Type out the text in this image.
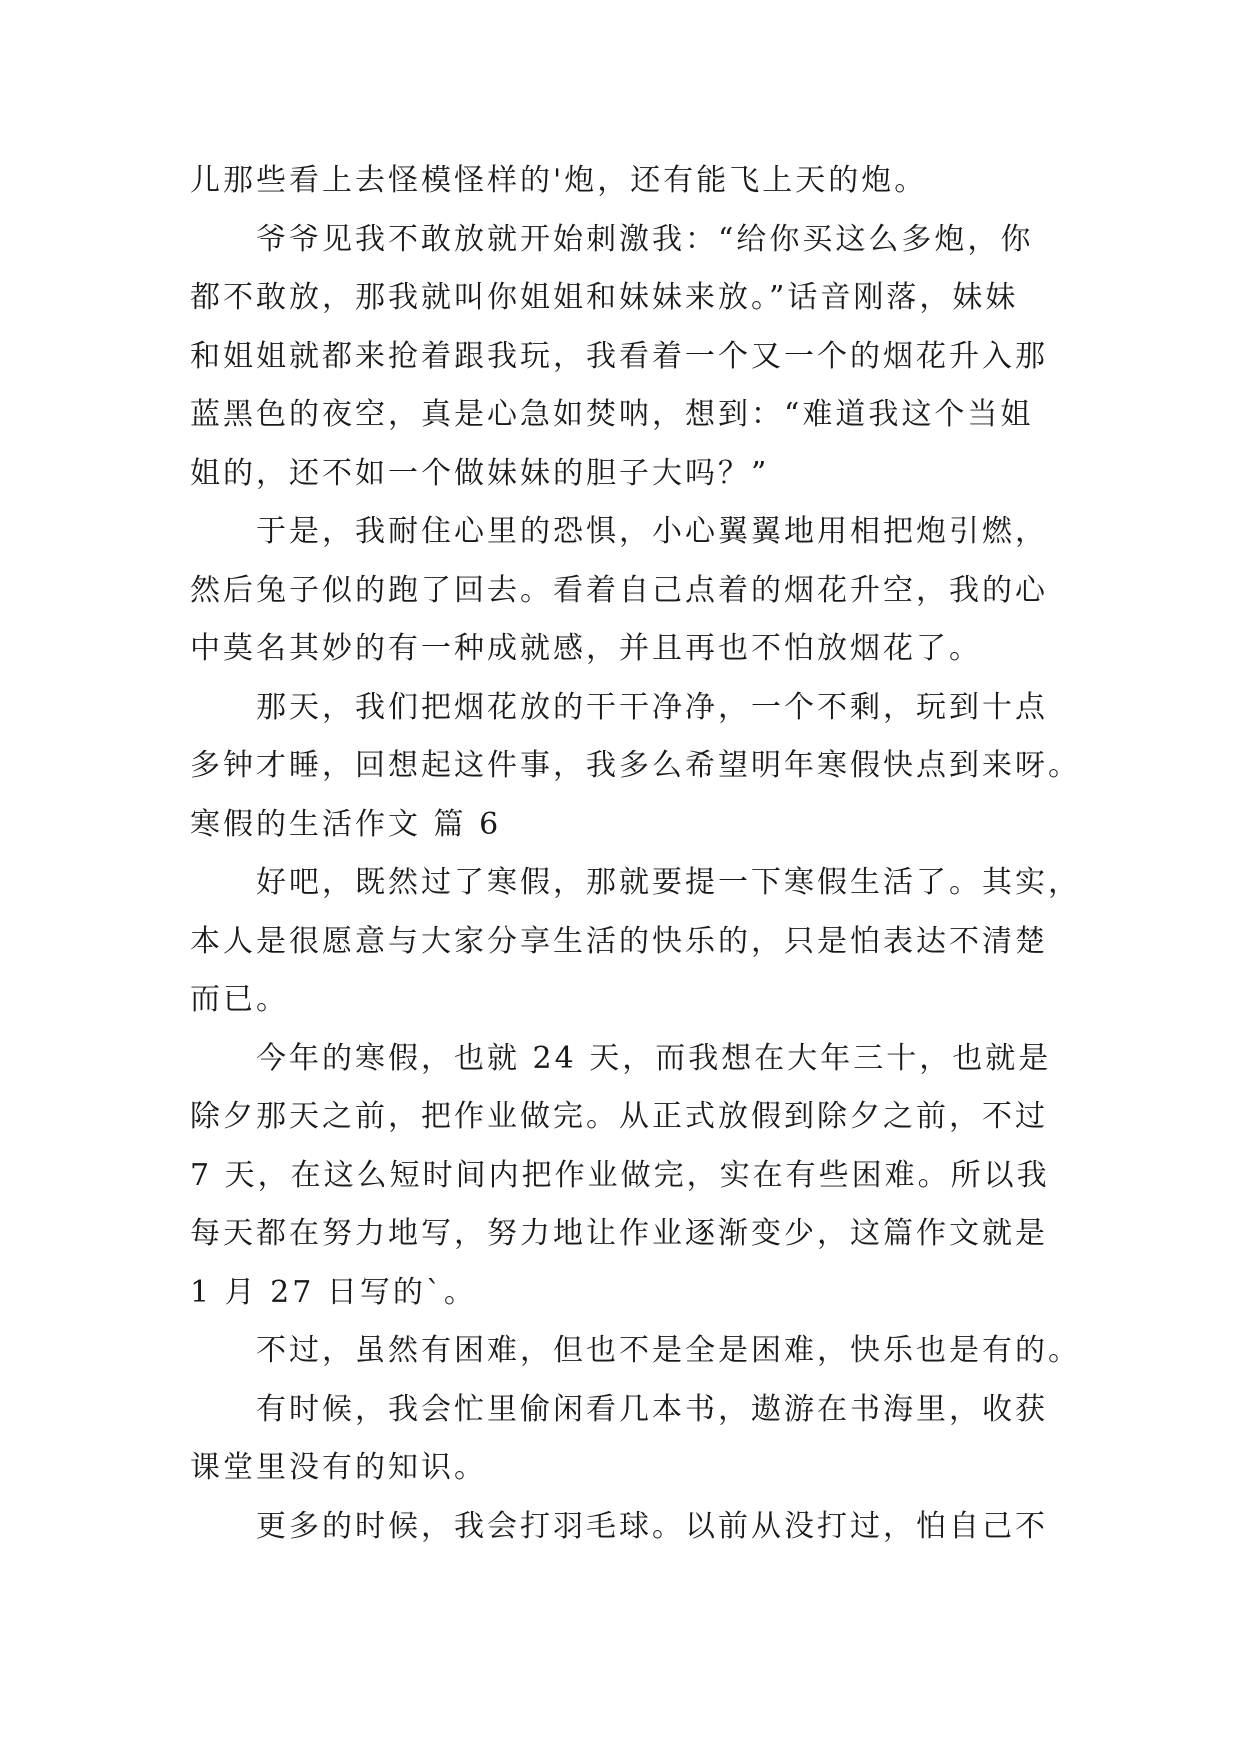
儿那些看上去怪模怪样的'炮，还有能飞上天的炮。
　　爷爷见我不敢放就开始刺激我：“给你买这么多炮，你
都不敢放，那我就叫你姐姐和妹妹来放。”话音刚落，妹妹
和姐姐就都来抢着跟我玩，我看着一个又一个的烟花升入那
蓝黑色的夜空，真是心急如焚呐，想到：“难道我这个当姐
姐的，还不如一个做妹妹的胆子大吗？”
　　于是，我耐住心里的恐惧，小心翼翼地用相把炮引燃，
然后兔子似的跑了回去。看着自己点着的烟花升空，我的心
中莫名其妙的有一种成就感，并且再也不怕放烟花了。
　　那天，我们把烟花放的干干净净，一个不剩，玩到十点
多钟才睡，回想起这件事，我多么希望明年寒假快点到来呀。
寒假的生活作文 篇 6
　　好吧，既然过了寒假，那就要提一下寒假生活了。其实，
本人是很愿意与大家分享生活的快乐的，只是怕表达不清楚
而已。
　　今年的寒假，也就 24 天，而我想在大年三十，也就是
除夕那天之前，把作业做完。从正式放假到除夕之前，不过
7 天，在这么短时间内把作业做完，实在有些困难。所以我
每天都在努力地写，努力地让作业逐渐变少，这篇作文就是
1 月 27 日写的`。
　　不过，虽然有困难，但也不是全是困难，快乐也是有的。
　　有时候，我会忙里偷闲看几本书，遨游在书海里，收获
课堂里没有的知识。
　　更多的时候，我会打羽毛球。以前从没打过，怕自己不
